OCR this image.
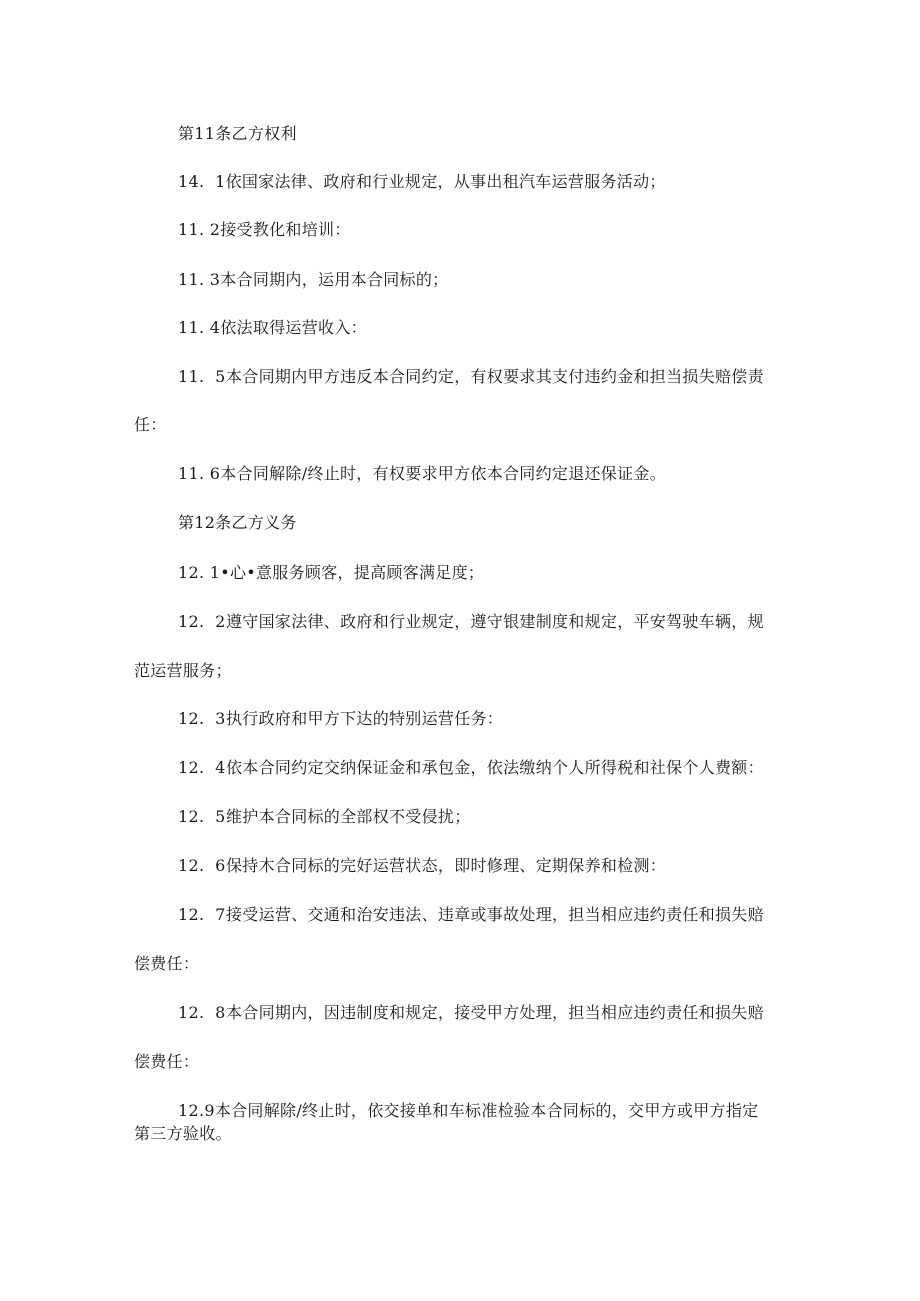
第11条乙方权利
14.  1依国家法律、政府和行业规定，从事出租汽车运营服务活动；
11. 2接受教化和培训：
11. 3本合同期内，运用本合同标的；
11. 4依法取得运营收入：
11.  5本合同期内甲方违反本合同约定，有权要求其支付违约金和担当损失赔偿责
任：
11. 6本合同解除/终止时，有权要求甲方依本合同约定退还保证金。
第12条乙方义务
12. 1•心•意服务顾客，提高顾客满足度；
12.  2遵守国家法律、政府和行业规定，遵守银建制度和规定，平安驾驶车辆，规
范运营服务；
12.  3执行政府和甲方下达的特别运营任务：
12.  4依本合同约定交纳保证金和承包金，依法缴纳个人所得税和社保个人费额：
12.  5维护本合同标的全部权不受侵扰；
12.  6保持木合同标的完好运营状态，即时修理、定期保养和检测：
12.  7接受运营、交通和治安违法、违章或事故处理，担当相应违约责任和损失赔
偿费任：
12.  8本合同期内，因违制度和规定，接受甲方处理，担当相应违约责任和损失赔
偿费任：
12.9本合同解除/终止时，依交接单和车标准检验本合同标的，交甲方或甲方指定
第三方验收。
